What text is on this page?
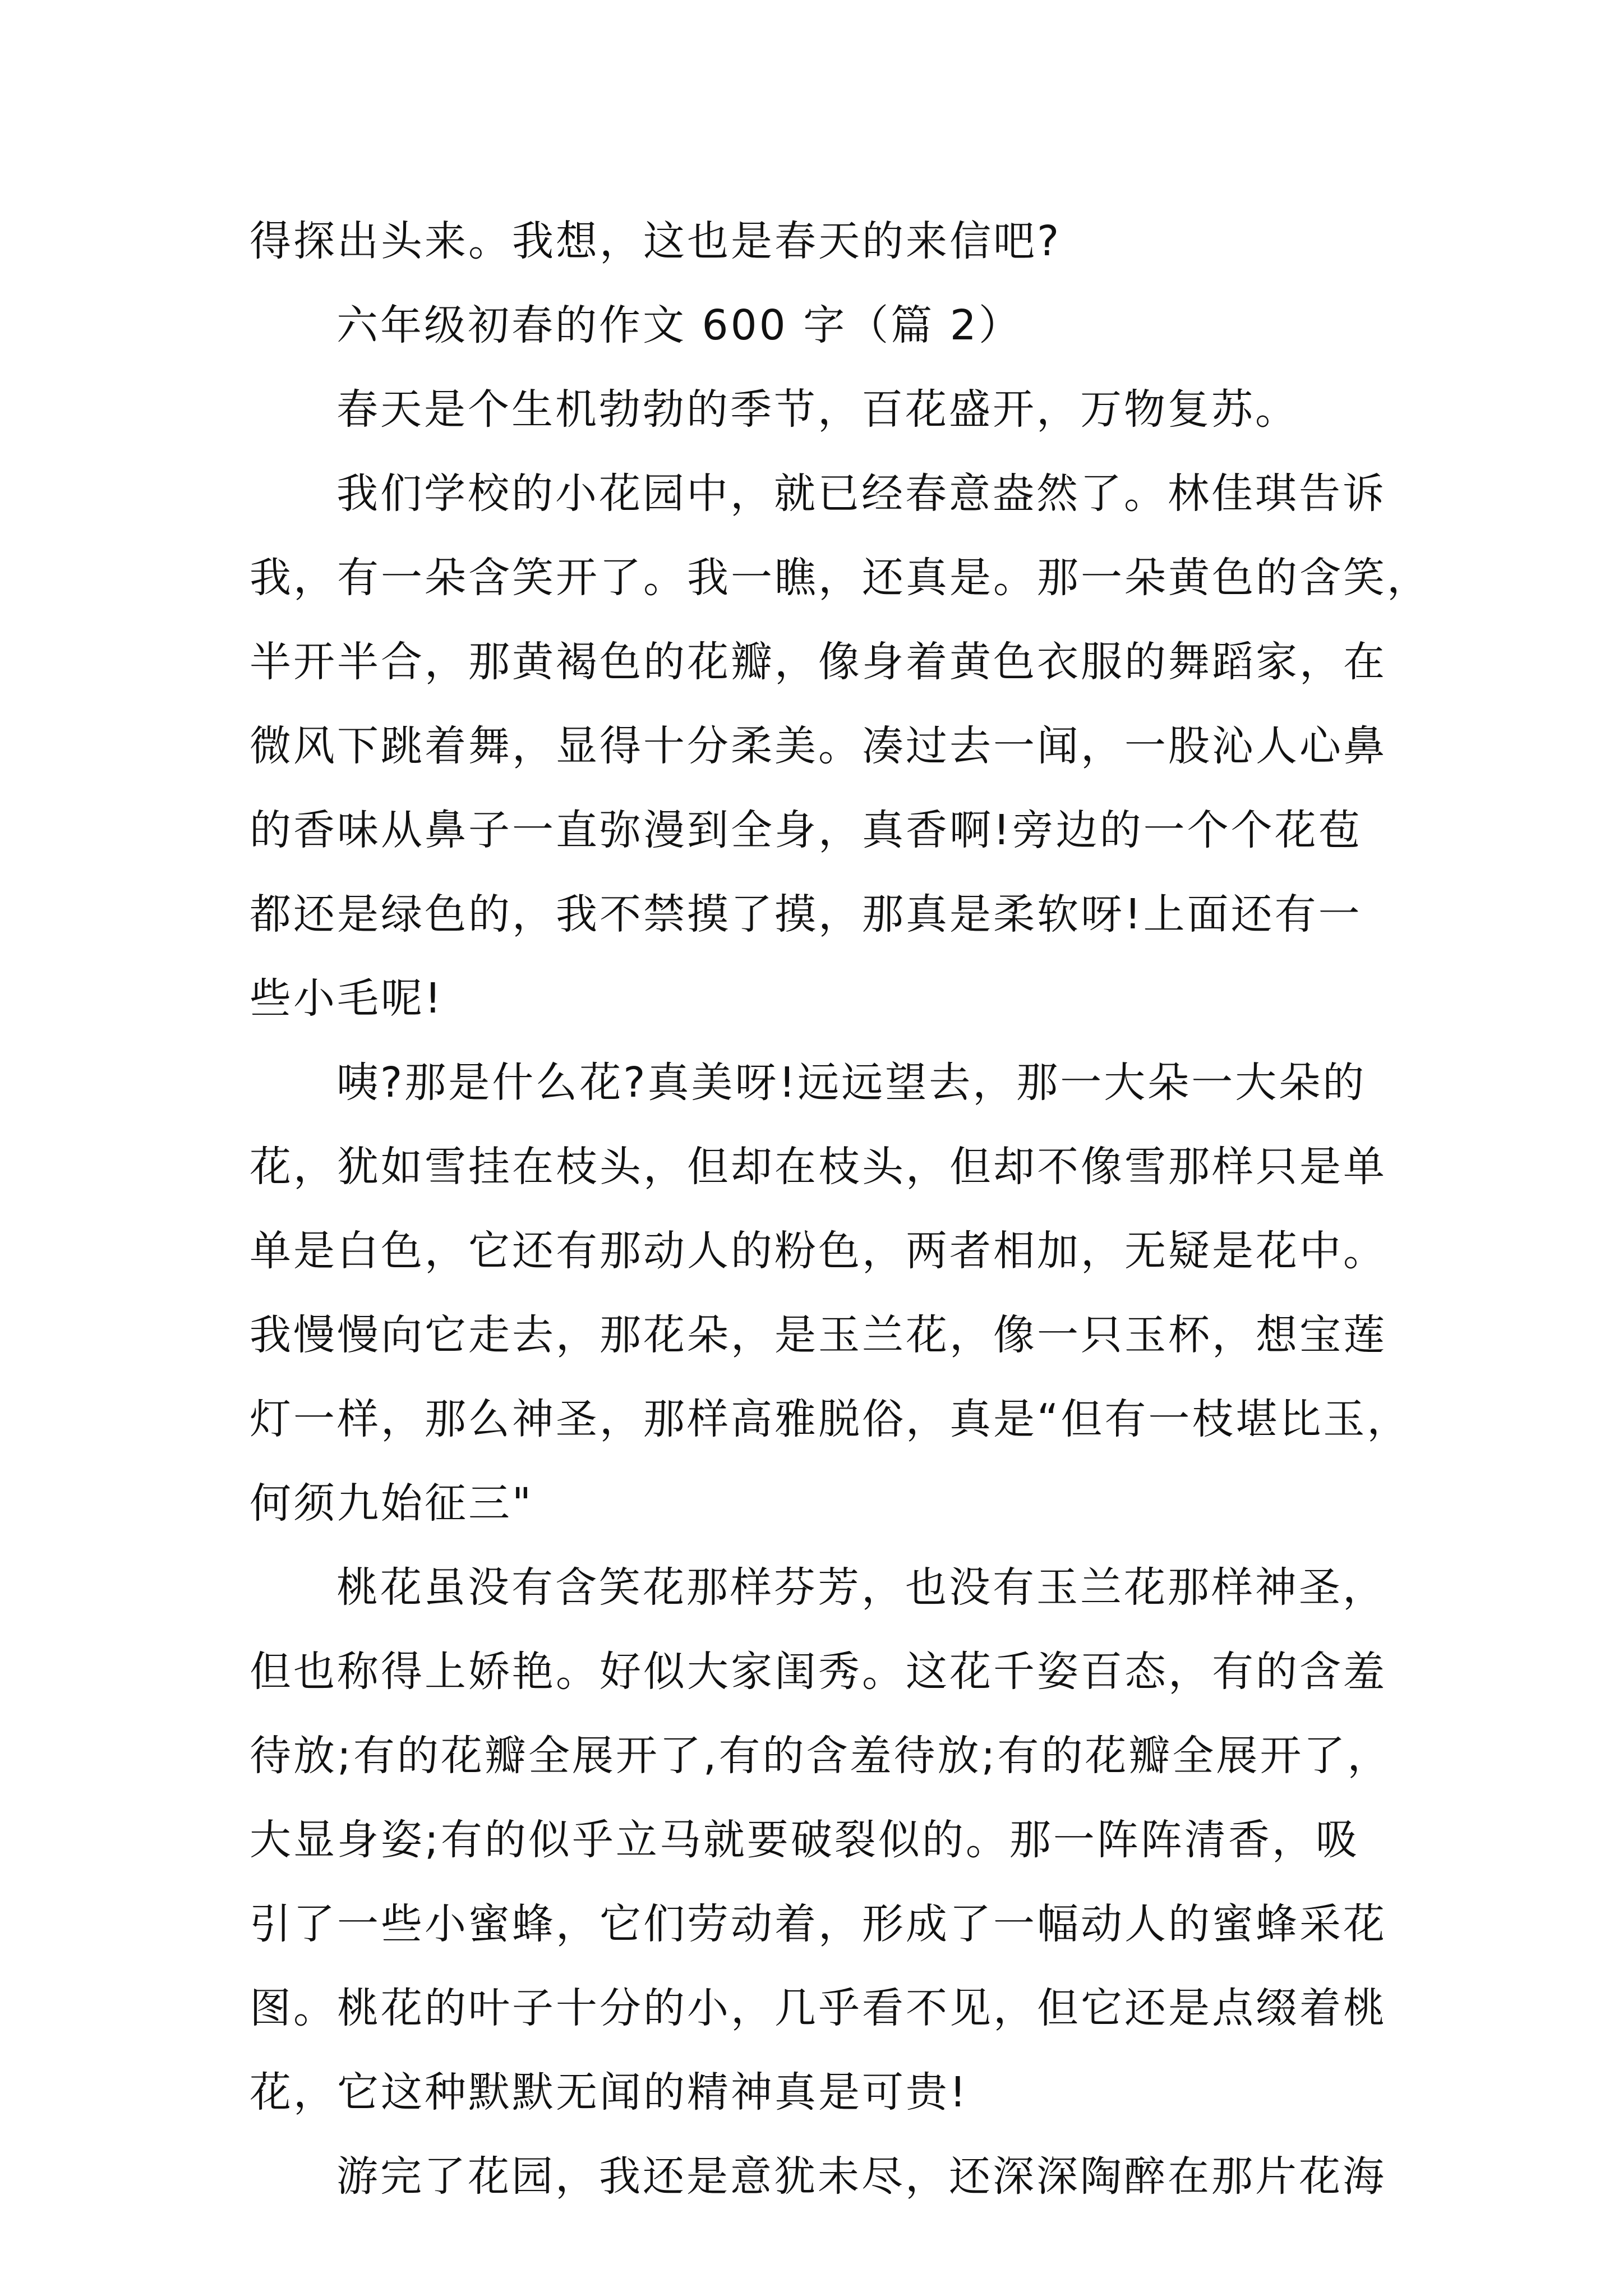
得探出头来。我想，这也是春天的来信吧?
六年级初春的作文 600 字（篇 2）
春天是个生机勃勃的季节，百花盛开，万物复苏。
我们学校的小花园中，就已经春意盎然了。林佳琪告诉
我，有一朵含笑开了。我一瞧，还真是。那一朵黄色的含笑，
半开半合，那黄褐色的花瓣，像身着黄色衣服的舞蹈家，在
微风下跳着舞，显得十分柔美。凑过去一闻，一股沁人心鼻
的香味从鼻子一直弥漫到全身，真香啊!旁边的一个个花苞
都还是绿色的，我不禁摸了摸，那真是柔软呀!上面还有一
些小毛呢!
咦?那是什么花?真美呀!远远望去，那一大朵一大朵的
花，犹如雪挂在枝头，但却在枝头，但却不像雪那样只是单
单是白色，它还有那动人的粉色，两者相加，无疑是花中。
我慢慢向它走去，那花朵，是玉兰花，像一只玉杯，想宝莲
灯一样，那么神圣，那样高雅脱俗，真是“但有一枝堪比玉，
何须九始征三"
桃花虽没有含笑花那样芬芳，也没有玉兰花那样神圣，
但也称得上娇艳。好似大家闺秀。这花千姿百态，有的含羞
待放;有的花瓣全展开了,有的含羞待放;有的花瓣全展开了，
大显身姿;有的似乎立马就要破裂似的。那一阵阵清香，吸
引了一些小蜜蜂，它们劳动着，形成了一幅动人的蜜蜂采花
图。桃花的叶子十分的小，几乎看不见，但它还是点缀着桃
花，它这种默默无闻的精神真是可贵!
游完了花园，我还是意犹未尽，还深深陶醉在那片花海
